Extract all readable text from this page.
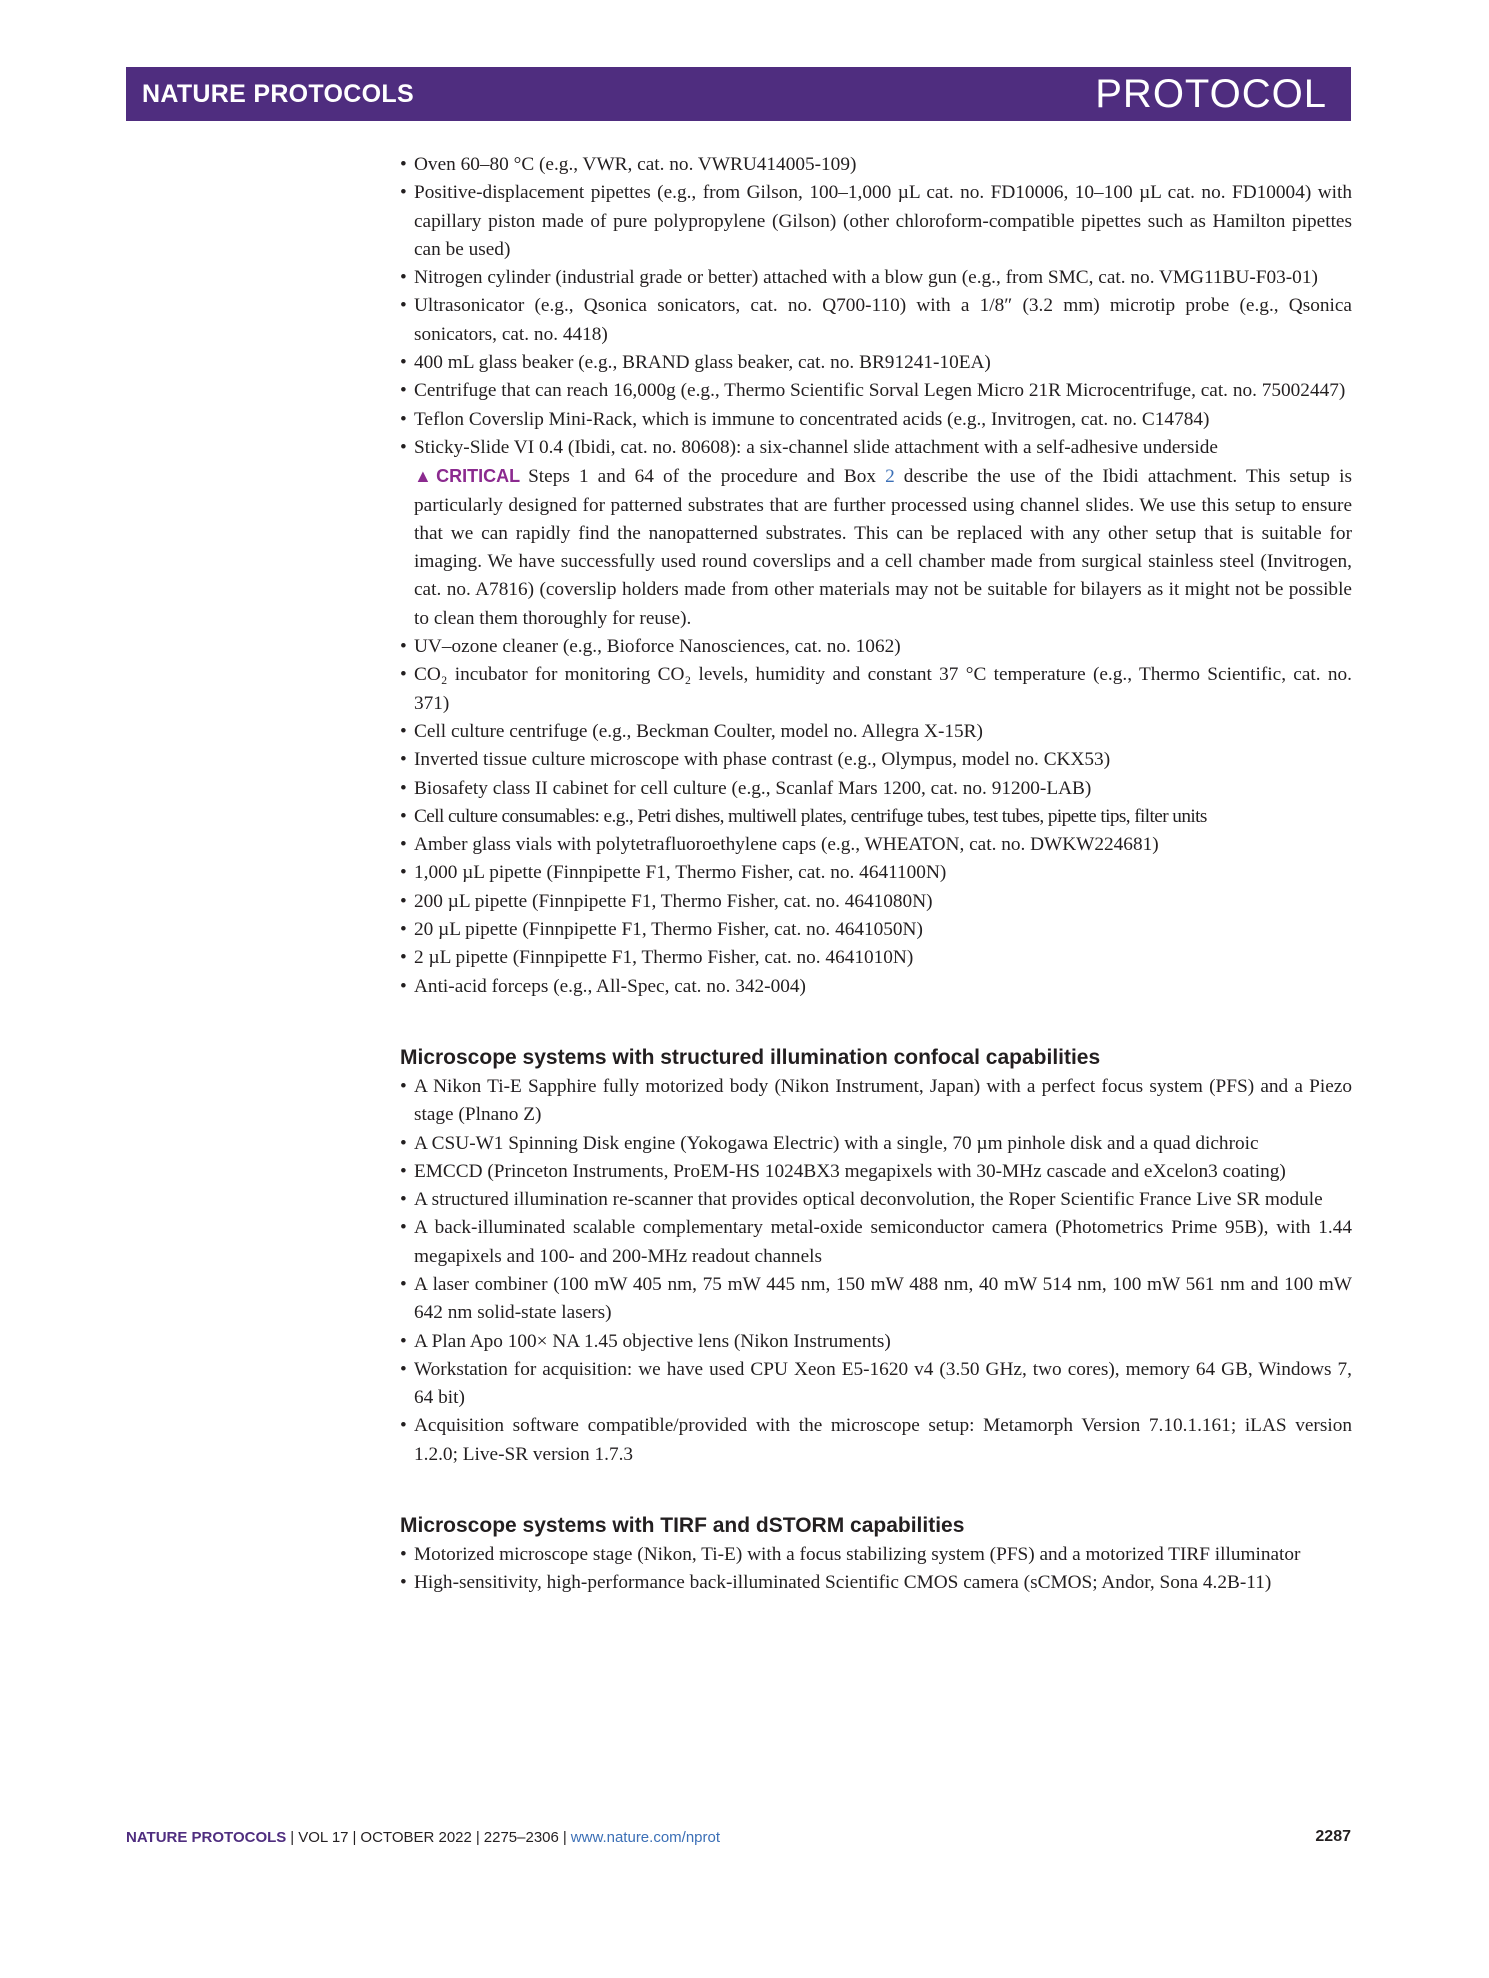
NATURE PROTOCOLS	PROTOCOL
• Oven 60–80 °C (e.g., VWR, cat. no. VWRU414005-109)
• Positive-displacement pipettes (e.g., from Gilson, 100–1,000 µL cat. no. FD10006, 10–100 µL cat. no. FD10004) with capillary piston made of pure polypropylene (Gilson) (other chloroform-compatible pipettes such as Hamilton pipettes can be used)
• Nitrogen cylinder (industrial grade or better) attached with a blow gun (e.g., from SMC, cat. no. VMG11BU-F03-01)
• Ultrasonicator (e.g., Qsonica sonicators, cat. no. Q700-110) with a 1/8″ (3.2 mm) microtip probe (e.g., Qsonica sonicators, cat. no. 4418)
• 400 mL glass beaker (e.g., BRAND glass beaker, cat. no. BR91241-10EA)
• Centrifuge that can reach 16,000g (e.g., Thermo Scientific Sorval Legen Micro 21R Microcentrifuge, cat. no. 75002447)
• Teflon Coverslip Mini-Rack, which is immune to concentrated acids (e.g., Invitrogen, cat. no. C14784)
• Sticky-Slide VI 0.4 (Ibidi, cat. no. 80608): a six-channel slide attachment with a self-adhesive underside
▲CRITICAL Steps 1 and 64 of the procedure and Box 2 describe the use of the Ibidi attachment. This setup is particularly designed for patterned substrates that are further processed using channel slides. We use this setup to ensure that we can rapidly find the nanopatterned substrates. This can be replaced with any other setup that is suitable for imaging. We have successfully used round coverslips and a cell chamber made from surgical stainless steel (Invitrogen, cat. no. A7816) (coverslip holders made from other materials may not be suitable for bilayers as it might not be possible to clean them thoroughly for reuse).
• UV–ozone cleaner (e.g., Bioforce Nanosciences, cat. no. 1062)
• CO₂ incubator for monitoring CO₂ levels, humidity and constant 37 °C temperature (e.g., Thermo Scientific, cat. no. 371)
• Cell culture centrifuge (e.g., Beckman Coulter, model no. Allegra X-15R)
• Inverted tissue culture microscope with phase contrast (e.g., Olympus, model no. CKX53)
• Biosafety class II cabinet for cell culture (e.g., Scanlaf Mars 1200, cat. no. 91200-LAB)
• Cell culture consumables: e.g., Petri dishes, multiwell plates, centrifuge tubes, test tubes, pipette tips, filter units
• Amber glass vials with polytetrafluoroethylene caps (e.g., WHEATON, cat. no. DWKW224681)
• 1,000 µL pipette (Finnpipette F1, Thermo Fisher, cat. no. 4641100N)
• 200 µL pipette (Finnpipette F1, Thermo Fisher, cat. no. 4641080N)
• 20 µL pipette (Finnpipette F1, Thermo Fisher, cat. no. 4641050N)
• 2 µL pipette (Finnpipette F1, Thermo Fisher, cat. no. 4641010N)
• Anti-acid forceps (e.g., All-Spec, cat. no. 342-004)
Microscope systems with structured illumination confocal capabilities
• A Nikon Ti-E Sapphire fully motorized body (Nikon Instrument, Japan) with a perfect focus system (PFS) and a Piezo stage (Plnano Z)
• A CSU-W1 Spinning Disk engine (Yokogawa Electric) with a single, 70 µm pinhole disk and a quad dichroic
• EMCCD (Princeton Instruments, ProEM-HS 1024BX3 megapixels with 30-MHz cascade and eXcelon3 coating)
• A structured illumination re-scanner that provides optical deconvolution, the Roper Scientific France Live SR module
• A back-illuminated scalable complementary metal-oxide semiconductor camera (Photometrics Prime 95B), with 1.44 megapixels and 100- and 200-MHz readout channels
• A laser combiner (100 mW 405 nm, 75 mW 445 nm, 150 mW 488 nm, 40 mW 514 nm, 100 mW 561 nm and 100 mW 642 nm solid-state lasers)
• A Plan Apo 100× NA 1.45 objective lens (Nikon Instruments)
• Workstation for acquisition: we have used CPU Xeon E5-1620 v4 (3.50 GHz, two cores), memory 64 GB, Windows 7, 64 bit)
• Acquisition software compatible/provided with the microscope setup: Metamorph Version 7.10.1.161; iLAS version 1.2.0; Live-SR version 1.7.3
Microscope systems with TIRF and dSTORM capabilities
• Motorized microscope stage (Nikon, Ti-E) with a focus stabilizing system (PFS) and a motorized TIRF illuminator
• High-sensitivity, high-performance back-illuminated Scientific CMOS camera (sCMOS; Andor, Sona 4.2B-11)
NATURE PROTOCOLS | VOL 17 | OCTOBER 2022 | 2275–2306 | www.nature.com/nprot	2287
